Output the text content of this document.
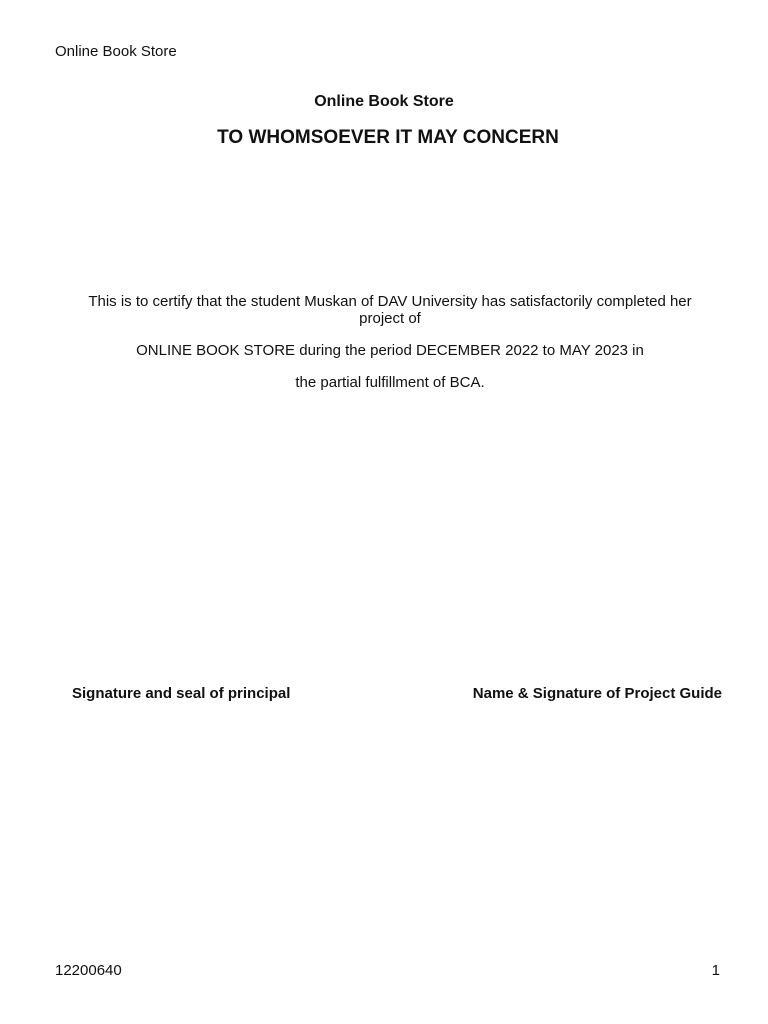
Online Book Store
Online Book Store
TO WHOMSOEVER IT MAY CONCERN
This is to certify that the student Muskan of DAV University has satisfactorily completed her project of
ONLINE BOOK STORE during the period DECEMBER 2022 to MAY 2023 in
the partial fulfillment of BCA.
Signature and seal of principal	Name & Signature of Project Guide
12200640	1
